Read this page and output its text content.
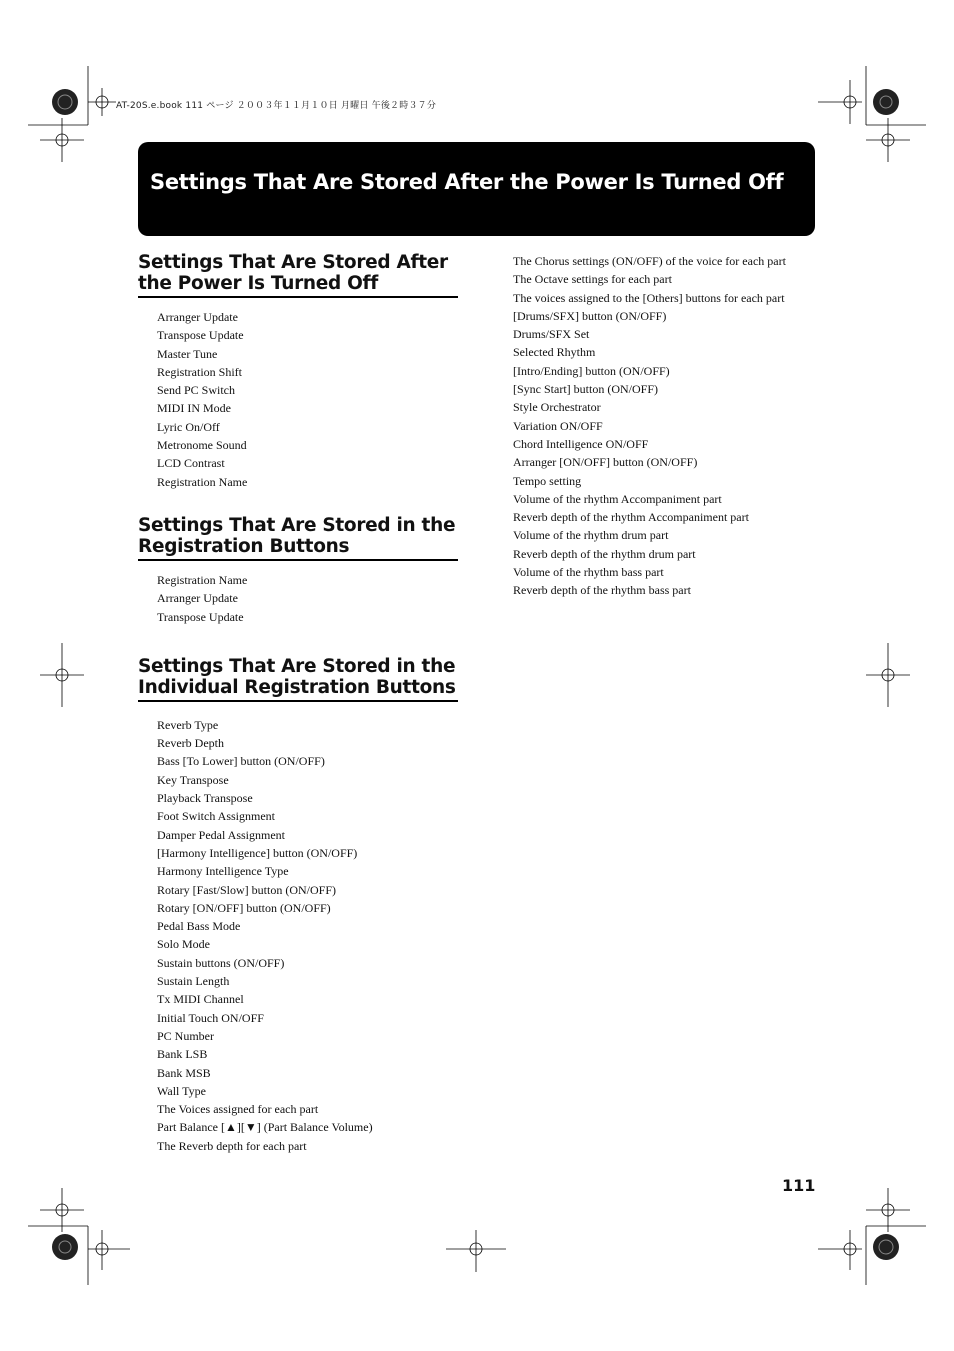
AT-20S.e.book 111 ページ ２００３年１１月１０日 月曜日 午後２時３７分
Settings That Are Stored After the Power Is Turned Off
Settings That Are Stored After
the Power Is Turned Off
Arranger Update
Transpose Update
Master Tune
Registration Shift
Send PC Switch
MIDI IN Mode
Lyric On/Off
Metronome Sound
LCD Contrast
Registration Name
Settings That Are Stored in the
Registration Buttons
Registration Name
Arranger Update
Transpose Update
Settings That Are Stored in the
Individual Registration Buttons
Reverb Type
Reverb Depth
Bass [To Lower] button (ON/OFF)
Key Transpose
Playback Transpose
Foot Switch Assignment
Damper Pedal Assignment
[Harmony Intelligence] button (ON/OFF)
Harmony Intelligence Type
Rotary [Fast/Slow] button (ON/OFF)
Rotary [ON/OFF] button (ON/OFF)
Pedal Bass Mode
Solo Mode
Sustain buttons (ON/OFF)
Sustain Length
Tx MIDI Channel
Initial Touch ON/OFF
PC Number
Bank LSB
Bank MSB
Wall Type
The Voices assigned for each part
Part Balance [▲][▼] (Part Balance Volume)
The Reverb depth for each part
The Chorus settings (ON/OFF) of the voice for each part
The Octave settings for each part
The voices assigned to the [Others] buttons for each part
[Drums/SFX] button (ON/OFF)
Drums/SFX Set
Selected Rhythm
[Intro/Ending] button (ON/OFF)
[Sync Start] button (ON/OFF)
Style Orchestrator
Variation ON/OFF
Chord Intelligence ON/OFF
Arranger [ON/OFF] button (ON/OFF)
Tempo setting
Volume of the rhythm Accompaniment part
Reverb depth of the rhythm Accompaniment part
Volume of the rhythm drum part
Reverb depth of the rhythm drum part
Volume of the rhythm bass part
Reverb depth of the rhythm bass part

111
